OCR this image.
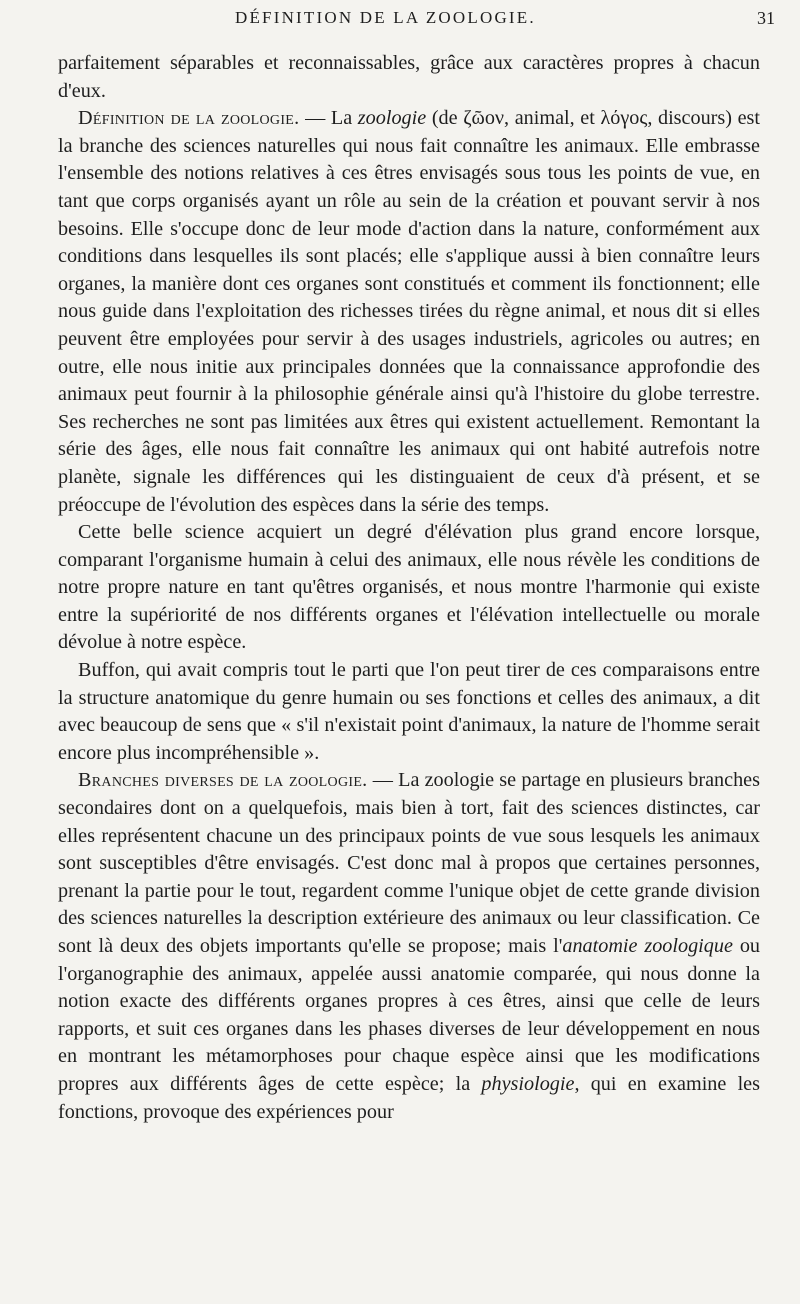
DÉFINITION DE LA ZOOLOGIE.	31

parfaitement séparables et reconnaissables, grâce aux caractères propres à chacun d'eux.

Définition de la zoologie. — La zoologie (de ζῶον, animal, et λόγος, discours) est la branche des sciences naturelles qui nous fait connaître les animaux. Elle embrasse l'ensemble des notions relatives à ces êtres envisagés sous tous les points de vue, en tant que corps organisés ayant un rôle au sein de la création et pouvant servir à nos besoins. Elle s'occupe donc de leur mode d'action dans la nature, conformément aux conditions dans lesquelles ils sont placés; elle s'applique aussi à bien connaître leurs organes, la manière dont ces organes sont constitués et comment ils fonctionnent; elle nous guide dans l'exploitation des richesses tirées du règne animal, et nous dit si elles peuvent être employées pour servir à des usages industriels, agricoles ou autres; en outre, elle nous initie aux principales données que la connaissance approfondie des animaux peut fournir à la philosophie générale ainsi qu'à l'histoire du globe terrestre. Ses recherches ne sont pas limitées aux êtres qui existent actuellement. Remontant la série des âges, elle nous fait connaître les animaux qui ont habité autrefois notre planète, signale les différences qui les distinguaient de ceux d'à présent, et se préoccupe de l'évolution des espèces dans la série des temps.

Cette belle science acquiert un degré d'élévation plus grand encore lorsque, comparant l'organisme humain à celui des animaux, elle nous révèle les conditions de notre propre nature en tant qu'êtres organisés, et nous montre l'harmonie qui existe entre la supériorité de nos différents organes et l'élévation intellectuelle ou morale dévolue à notre espèce.

Buffon, qui avait compris tout le parti que l'on peut tirer de ces comparaisons entre la structure anatomique du genre humain ou ses fonctions et celles des animaux, a dit avec beaucoup de sens que « s'il n'existait point d'animaux, la nature de l'homme serait encore plus incompréhensible ».

Branches diverses de la zoologie. — La zoologie se partage en plusieurs branches secondaires dont on a quelquefois, mais bien à tort, fait des sciences distinctes, car elles représentent chacune un des principaux points de vue sous lesquels les animaux sont susceptibles d'être envisagés. C'est donc mal à propos que certaines personnes, prenant la partie pour le tout, regardent comme l'unique objet de cette grande division des sciences naturelles la description extérieure des animaux ou leur classification. Ce sont là deux des objets importants qu'elle se propose; mais l'anatomie zoologique ou l'organographie des animaux, appelée aussi anatomie comparée, qui nous donne la notion exacte des différents organes propres à ces êtres, ainsi que celle de leurs rapports, et suit ces organes dans les phases diverses de leur développement en nous en montrant les métamorphoses pour chaque espèce ainsi que les modifications propres aux différents âges de cette espèce; la physiologie, qui en examine les fonctions, provoque des expériences pour
